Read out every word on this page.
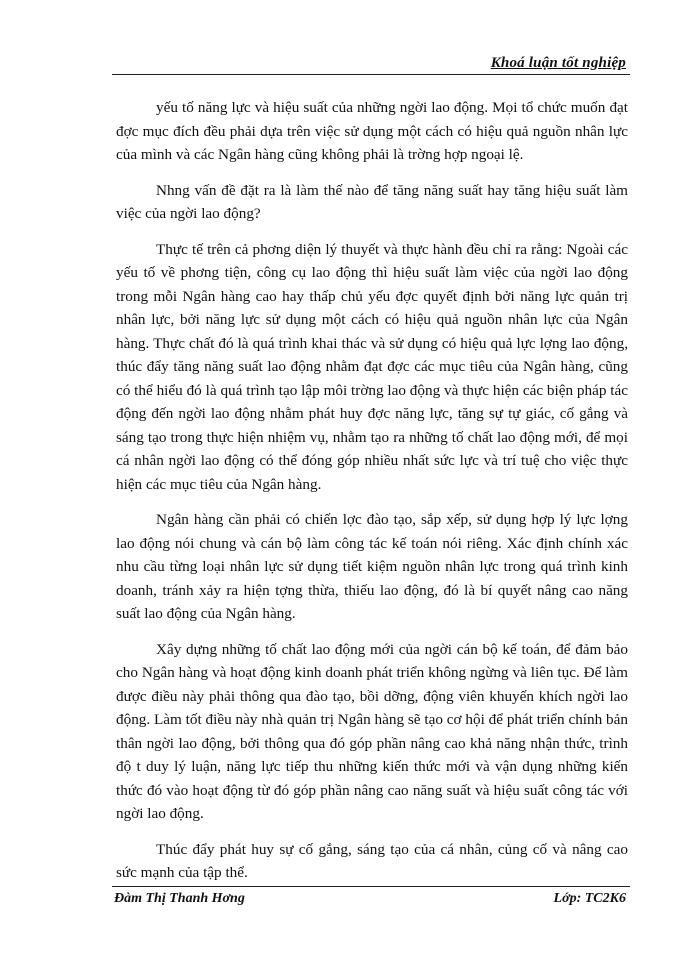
Khoá luận tốt nghiệp

yếu tố năng lực và hiệu suất của những ngời lao động. Mọi tổ chức muốn đạt đợc mục đích đều phải dựa trên việc sử dụng một cách có hiệu quả nguồn nhân lực của mình và các Ngân hàng cũng không phải là trờng hợp ngoại lệ.

Nhng vấn đề đặt ra là làm thế nào để tăng năng suất hay tăng hiệu suất làm việc của ngời lao động?

Thực tế trên cả phơng diện lý thuyết và thực hành đều chỉ ra rằng: Ngoài các yếu tố về phơng tiện, công cụ lao động thì hiệu suất làm việc của ngời lao động trong mỗi Ngân hàng cao hay thấp chủ yếu đợc quyết định bởi năng lực quản trị nhân lực, bởi năng lực sử dụng một cách có hiệu quả nguồn nhân lực của Ngân hàng. Thực chất đó là quá trình khai thác và sử dụng có hiệu quả lực lợng lao động, thúc đẩy tăng năng suất lao động nhằm đạt đợc các mục tiêu của Ngân hàng, cũng có thể hiểu đó là quá trình tạo lập môi trờng lao động và thực hiện các biện pháp tác động đến ngời lao động nhằm phát huy đợc năng lực, tăng sự tự giác, cố gắng và sáng tạo trong thực hiện nhiệm vụ, nhằm tạo ra những tố chất lao động mới, để mọi cá nhân ngời lao động có thể đóng góp nhiều nhất sức lực và trí tuệ cho việc thực hiện các mục tiêu của Ngân hàng.

Ngân hàng cần phải có chiến lợc đào tạo, sắp xếp, sử dụng hợp lý lực lợng lao động nói chung và cán bộ làm công tác kế toán nói riêng. Xác định chính xác nhu cầu từng loại nhân lực sử dụng tiết kiệm nguồn nhân lực trong quá trình kinh doanh, tránh xảy ra hiện tợng thừa, thiếu lao động, đó là bí quyết nâng cao năng suất lao động của Ngân hàng.

Xây dựng những tố chất lao động mới của ngời cán bộ kế toán, để đảm bảo cho Ngân hàng và hoạt động kinh doanh phát triển không ngừng và liên tục. Để làm được điều này phải thông qua đào tạo, bồi dỡng, động viên khuyến khích ngời lao động. Làm tốt điều này nhà quản trị Ngân hàng sẽ tạo cơ hội để phát triển chính bản thân ngời lao động, bởi thông qua đó góp phần nâng cao khả năng nhận thức, trình độ t duy lý luận, năng lực tiếp thu những kiến thức mới và vận dụng những kiến thức đó vào hoạt động từ đó góp phần nâng cao năng suất và hiệu suất công tác với ngời lao động.

Thúc đẩy phát huy sự cố gắng, sáng tạo của cá nhân, củng cố và nâng cao sức mạnh của tập thể.

Đàm Thị Thanh Hơng	Lớp: TC2K6
